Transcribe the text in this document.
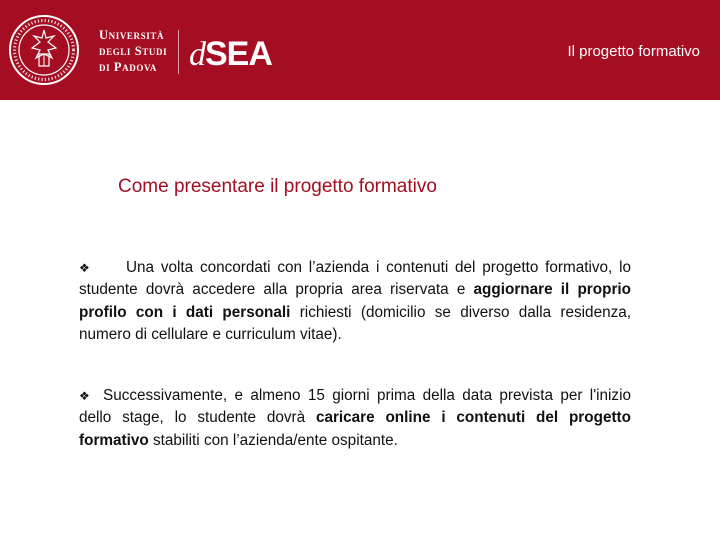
Università
degli Studi
di Padova dSEA	Il progetto formativo
Come presentare il progetto formativo
❖ Una volta concordati con l’azienda i contenuti del progetto formativo, lo studente dovrà accedere alla propria area riservata e aggiornare il proprio profilo con i dati personali richiesti (domicilio se diverso dalla residenza, numero di cellulare e curriculum vitae).
❖ Successivamente, e almeno 15 giorni prima della data prevista per l'inizio dello stage, lo studente dovrà caricare online i contenuti del progetto formativo stabiliti con l’azienda/ente ospitante.
